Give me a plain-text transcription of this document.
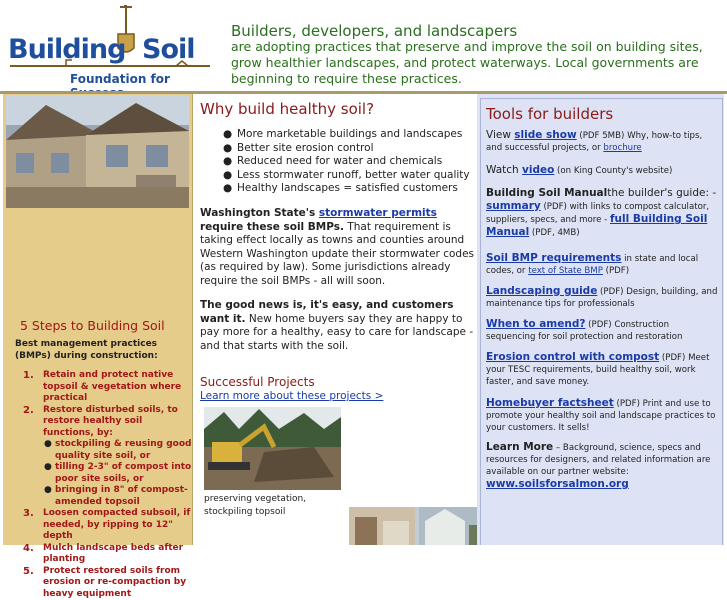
Building Soil
Foundation for
Builders, developers, and landscapers
are adopting practices that preserve and improve the soil on building sites, grow healthier landscapes, and protect waterways. Local governments are beginning to require these practices.
5 Steps to Building Soil
Best management practices (BMPs) during construction:
1. Retain and protect native topsoil & vegetation where practical
2. Restore disturbed soils, to restore healthy soil functions, by:
● stockpiling & reusing good quality site soil, or
● tilling 2-3" of compost into poor site soils, or
● bringing in 8" of compost-amended topsoil
3. Loosen compacted subsoil, if needed, by ripping to 12" depth
4. Mulch landscape beds after planting
5. Protect restored soils from erosion or re-compaction by heavy equipment
Why build healthy soil?
● More marketable buildings and landscapes
● Better site erosion control
● Reduced need for water and chemicals
● Less stormwater runoff, better water quality
● Healthy landscapes = satisfied customers
Washington State's stormwater permits require these soil BMPs. That requirement is taking effect locally as towns and counties around Western Washington update their stormwater codes (as required by law). Some jurisdictions already require the soil BMPs - all will soon.
The good news is, it's easy, and customers want it. New home buyers say they are happy to pay more for a healthy, easy to care for landscape - and that starts with the soil.
Successful Projects
Learn more about these projects >
preserving vegetation, stockpiling topsoil
Tools for builders
View slide show (PDF 5MB) Why, how-to tips, and successful projects, or brochure
Watch video (on King County's website)
Building Soil Manualthe builder's guide: - summary (PDF) with links to compost calculator, suppliers, specs, and more - full Building Soil Manual (PDF, 4MB)
Soil BMP requirements in state and local codes, or text of State BMP (PDF)
Landscaping guide (PDF) Design, building, and maintenance tips for professionals
When to amend? (PDF) Construction sequencing for soil protection and restoration
Erosion control with compost (PDF) Meet your TESC requirements, build healthy soil, work faster, and save money.
Homebuyer factsheet (PDF) Print and use to promote your healthy soil and landscape practices to your customers. It sells!
Learn More – Background, science, specs and resources for designers, and related information are available on our partner website:
www.soilsforsalmon.org
